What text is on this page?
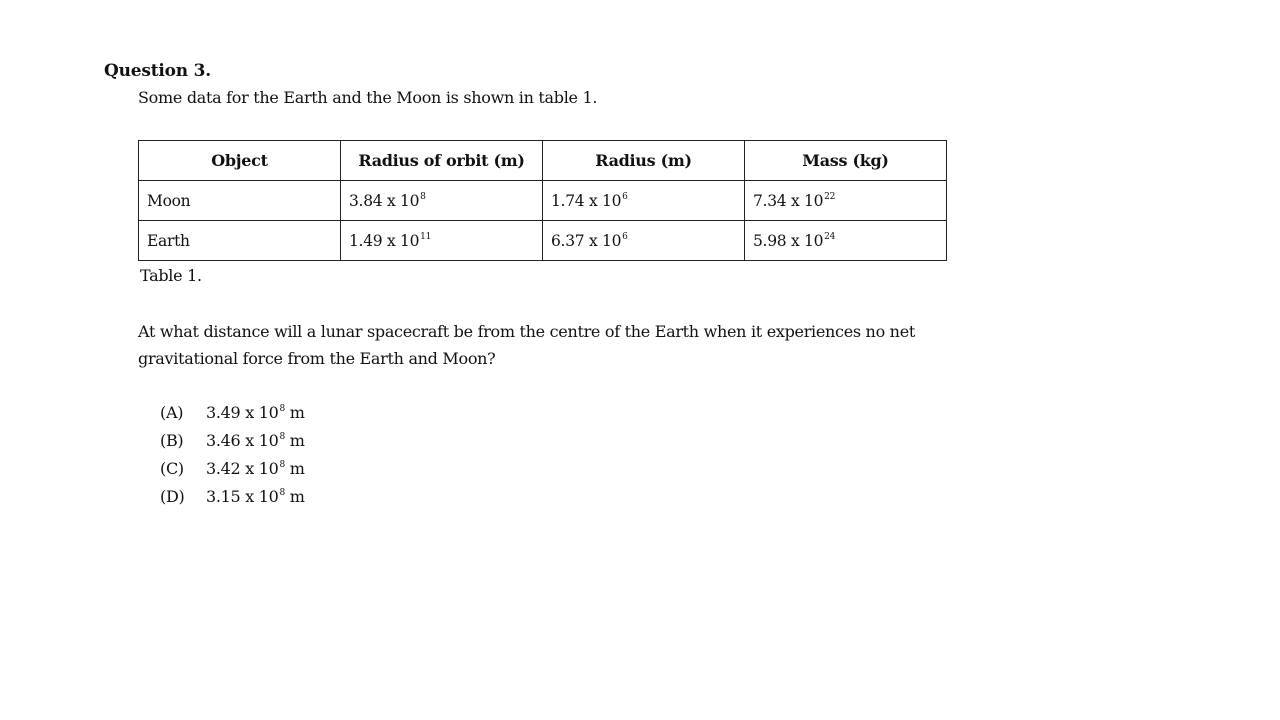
Question 3.
Some data for the Earth and the Moon is shown in table 1.
Object	Radius of orbit (m)	Radius (m)	Mass (kg)
Moon	3.84 x $10^8$	1.74 x $10^6$	7.34 x $10^{22}$
Earth	1.49 x $10^{11}$	6.37 x $10^6$	5.98 x $10^{24}$
Table 1.
At what distance will a lunar spacecraft be from the centre of the Earth when it experiences no net gravitational force from the Earth and Moon?
(A)	3.49 x $10^8$ m
(B)	3.46 x $10^8$ m
(C)	3.42 x $10^8$ m
(D)	3.15 x $10^8$ m
